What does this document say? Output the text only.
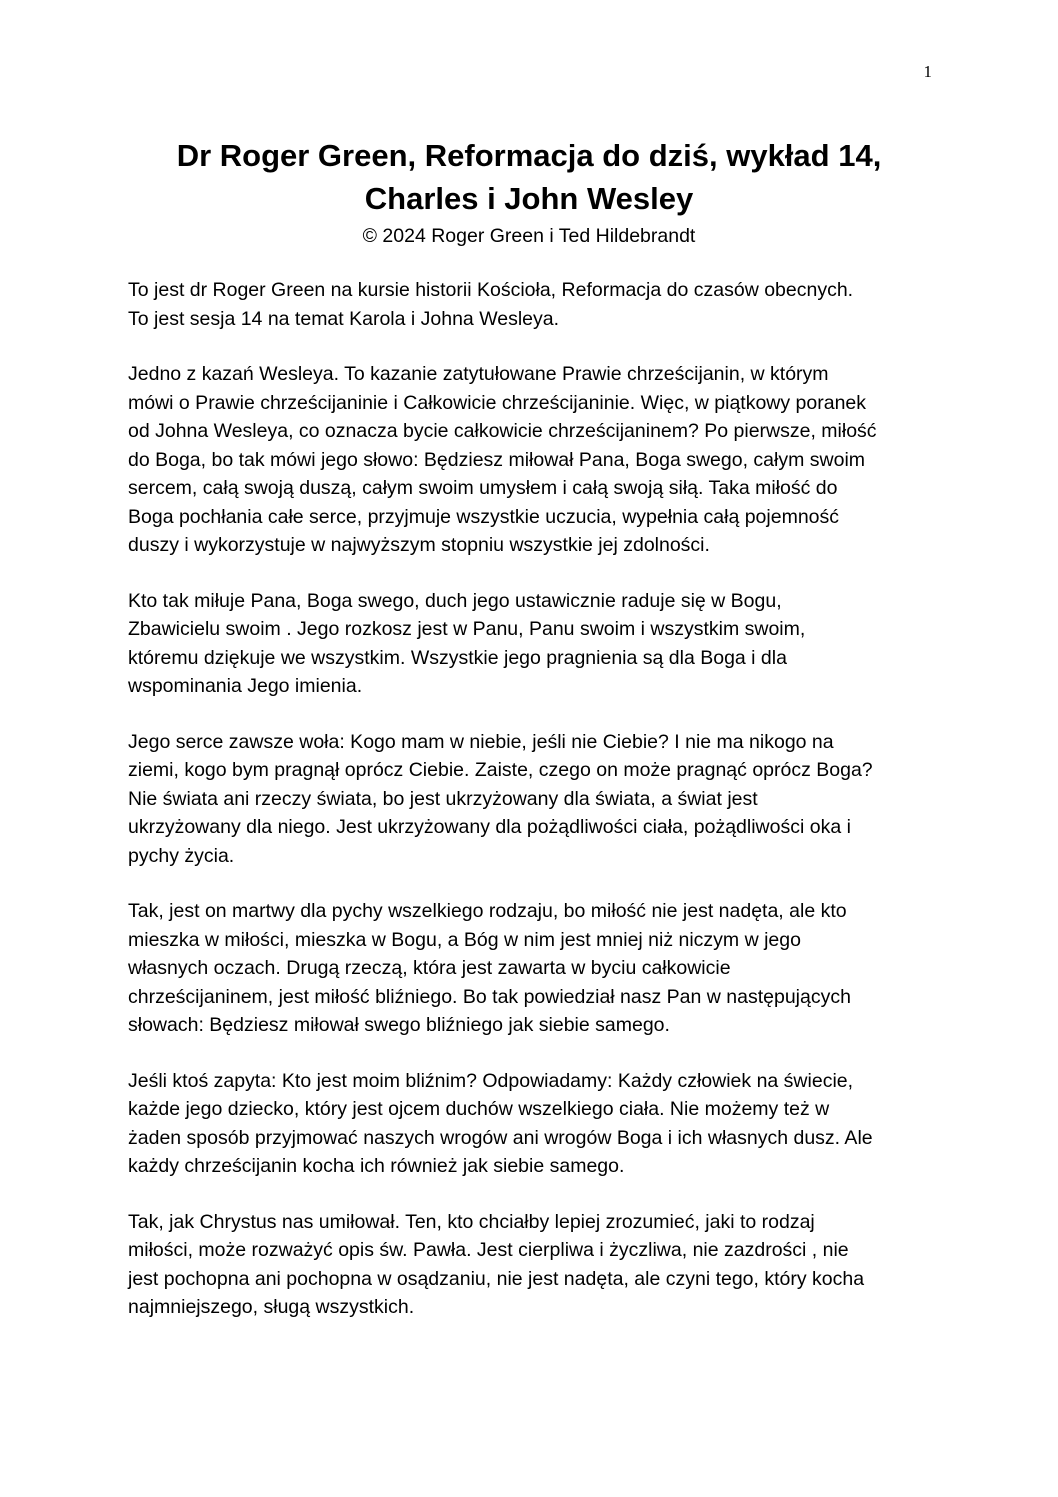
1
Dr Roger Green, Reformacja do dziś, wykład 14,
Charles i John Wesley
© 2024 Roger Green i Ted Hildebrandt

To jest dr Roger Green na kursie historii Kościoła, Reformacja do czasów obecnych.
To jest sesja 14 na temat Karola i Johna Wesleya.

Jedno z kazań Wesleya. To kazanie zatytułowane Prawie chrześcijanin, w którym
mówi o Prawie chrześcijaninie i Całkowicie chrześcijaninie. Więc, w piątkowy poranek
od Johna Wesleya, co oznacza bycie całkowicie chrześcijaninem? Po pierwsze, miłość
do Boga, bo tak mówi jego słowo: Będziesz miłował Pana, Boga swego, całym swoim
sercem, całą swoją duszą, całym swoim umysłem i całą swoją siłą. Taka miłość do
Boga pochłania całe serce, przyjmuje wszystkie uczucia, wypełnia całą pojemność
duszy i wykorzystuje w najwyższym stopniu wszystkie jej zdolności.

Kto tak miłuje Pana, Boga swego, duch jego ustawicznie raduje się w Bogu,
Zbawicielu swoim . Jego rozkosz jest w Panu, Panu swoim i wszystkim swoim,
któremu dziękuje we wszystkim. Wszystkie jego pragnienia są dla Boga i dla
wspominania Jego imienia.

Jego serce zawsze woła: Kogo mam w niebie, jeśli nie Ciebie? I nie ma nikogo na
ziemi, kogo bym pragnął oprócz Ciebie. Zaiste, czego on może pragnąć oprócz Boga?
Nie świata ani rzeczy świata, bo jest ukrzyżowany dla świata, a świat jest
ukrzyżowany dla niego. Jest ukrzyżowany dla pożądliwości ciała, pożądliwości oka i
pychy życia.

Tak, jest on martwy dla pychy wszelkiego rodzaju, bo miłość nie jest nadęta, ale kto
mieszka w miłości, mieszka w Bogu, a Bóg w nim jest mniej niż niczym w jego
własnych oczach. Drugą rzeczą, która jest zawarta w byciu całkowicie
chrześcijaninem, jest miłość bliźniego. Bo tak powiedział nasz Pan w następujących
słowach: Będziesz miłował swego bliźniego jak siebie samego.

Jeśli ktoś zapyta: Kto jest moim bliźnim? Odpowiadamy: Każdy człowiek na świecie,
każde jego dziecko, który jest ojcem duchów wszelkiego ciała. Nie możemy też w
żaden sposób przyjmować naszych wrogów ani wrogów Boga i ich własnych dusz. Ale
każdy chrześcijanin kocha ich również jak siebie samego.

Tak, jak Chrystus nas umiłował. Ten, kto chciałby lepiej zrozumieć, jaki to rodzaj
miłości, może rozważyć opis św. Pawła. Jest cierpliwa i życzliwa, nie zazdrości , nie
jest pochopna ani pochopna w osądzaniu, nie jest nadęta, ale czyni tego, który kocha
najmniejszego, sługą wszystkich.
